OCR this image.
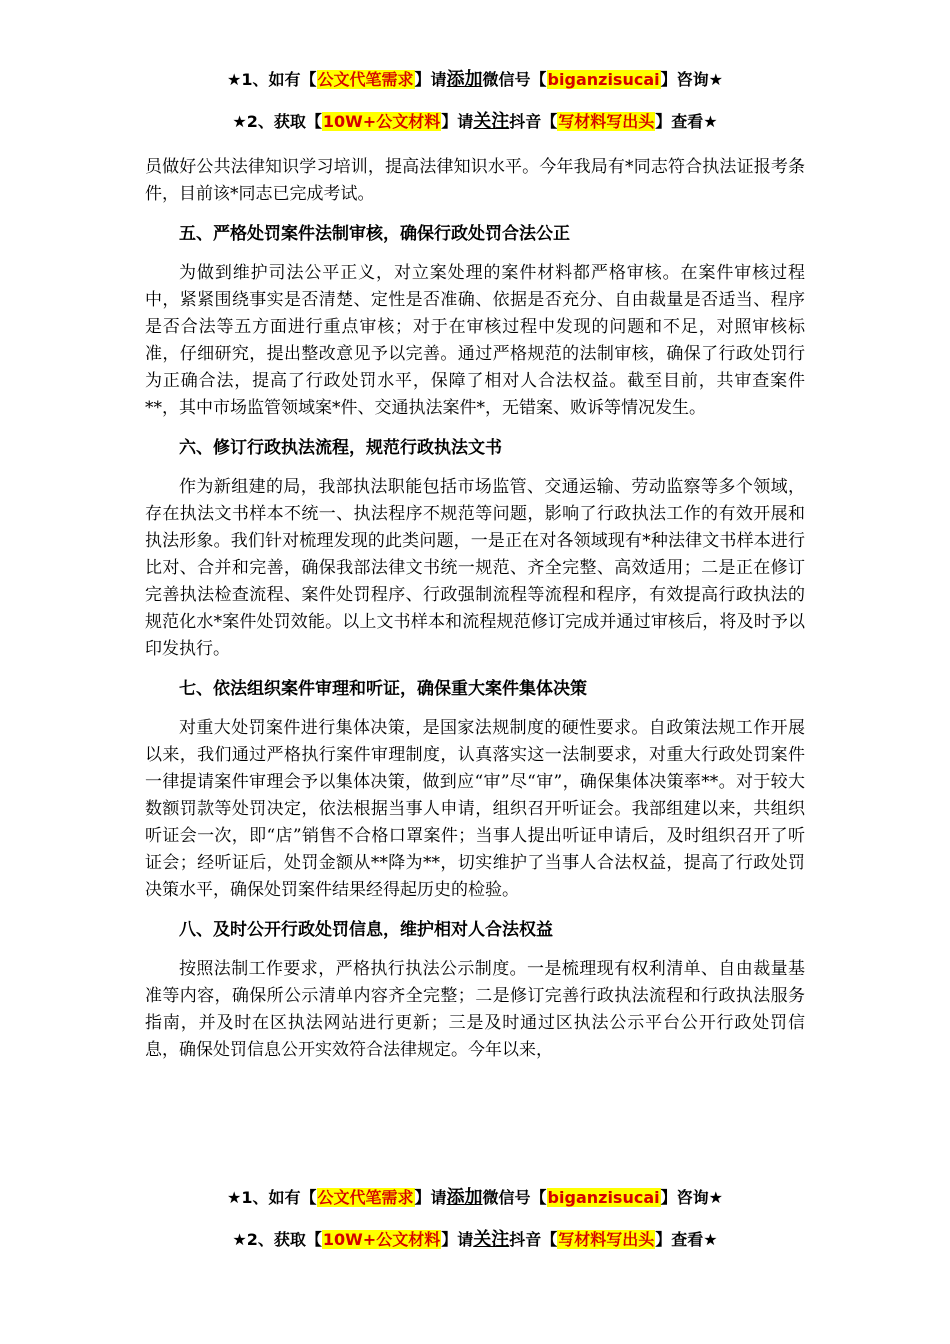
★1、如有【公文代笔需求】请添加微信号【biganzisucai】咨询★
★2、获取【10W+公文材料】请关注抖音【写材料写出头】查看★

员做好公共法律知识学习培训，提高法律知识水平。今年我局有*同志符合执法证报考条件，目前该*同志已完成考试。

五、严格处罚案件法制审核，确保行政处罚合法公正

为做到维护司法公平正义，对立案处理的案件材料都严格审核。在案件审核过程中，紧紧围绕事实是否清楚、定性是否准确、依据是否充分、自由裁量是否适当、程序是否合法等五方面进行重点审核；对于在审核过程中发现的问题和不足，对照审核标准，仔细研究，提出整改意见予以完善。通过严格规范的法制审核，确保了行政处罚行为正确合法，提高了行政处罚水平，保障了相对人合法权益。截至目前，共审查案件**，其中市场监管领域案*件、交通执法案件*，无错案、败诉等情况发生。

六、修订行政执法流程，规范行政执法文书

作为新组建的局，我部执法职能包括市场监管、交通运输、劳动监察等多个领域，存在执法文书样本不统一、执法程序不规范等问题，影响了行政执法工作的有效开展和执法形象。我们针对梳理发现的此类问题，一是正在对各领域现有*种法律文书样本进行比对、合并和完善，确保我部法律文书统一规范、齐全完整、高效适用；二是正在修订完善执法检查流程、案件处罚程序、行政强制流程等流程和程序，有效提高行政执法的规范化水*案件处罚效能。以上文书样本和流程规范修订完成并通过审核后，将及时予以印发执行。

七、依法组织案件审理和听证，确保重大案件集体决策

对重大处罚案件进行集体决策，是国家法规制度的硬性要求。自政策法规工作开展以来，我们通过严格执行案件审理制度，认真落实这一法制要求，对重大行政处罚案件一律提请案件审理会予以集体决策，做到应“审”尽“审”，确保集体决策率**。对于较大数额罚款等处罚决定，依法根据当事人申请，组织召开听证会。我部组建以来，共组织听证会一次，即“店”销售不合格口罩案件；当事人提出听证申请后，及时组织召开了听证会；经听证后，处罚金额从**降为**，切实维护了当事人合法权益，提高了行政处罚决策水平，确保处罚案件结果经得起历史的检验。

八、及时公开行政处罚信息，维护相对人合法权益

按照法制工作要求，严格执行执法公示制度。一是梳理现有权利清单、自由裁量基准等内容，确保所公示清单内容齐全完整；二是修订完善行政执法流程和行政执法服务指南，并及时在区执法网站进行更新；三是及时通过区执法公示平台公开行政处罚信息，确保处罚信息公开实效符合法律规定。今年以来，

★1、如有【公文代笔需求】请添加微信号【biganzisucai】咨询★
★2、获取【10W+公文材料】请关注抖音【写材料写出头】查看★
